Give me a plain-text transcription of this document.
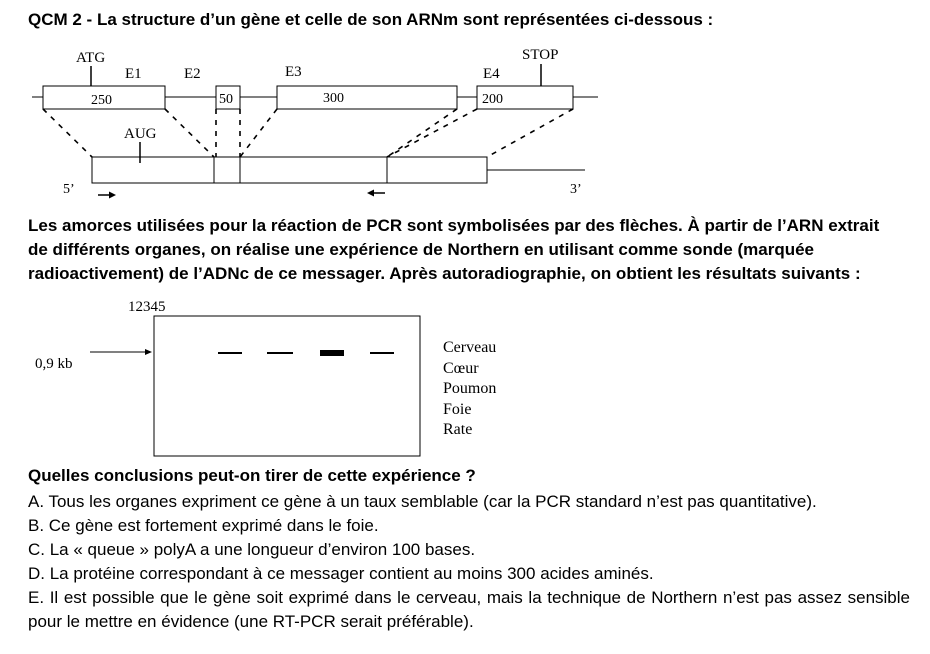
QCM 2 - La structure d’un gène et celle de son ARNm sont représentées ci-dessous :
ATG	STOP
E1	E2	E3	E4
250	50	300	200
AUG
5’	3’
Les amorces utilisées pour la réaction de PCR sont symbolisées par des flèches. À partir de l’ARN extrait
de différents organes, on réalise une expérience de Northern en utilisant comme sonde (marquée
radioactivement) de l’ADNc de ce messager. Après autoradiographie, on obtient les résultats suivants :
12345
0,9 kb
Cerveau
Cœur
Poumon
Foie
Rate
Quelles conclusions peut-on tirer de cette expérience ?
A. Tous les organes expriment ce gène à un taux semblable (car la PCR standard n’est pas quantitative).
B. Ce gène est fortement exprimé dans le foie.
C. La « queue » polyA a une longueur d’environ 100 bases.
D. La protéine correspondant à ce messager contient au moins 300 acides aminés.
E. Il est possible que le gène soit exprimé dans le cerveau, mais la technique de Northern n’est pas assez sensible pour le mettre en évidence (une RT-PCR serait préférable).
